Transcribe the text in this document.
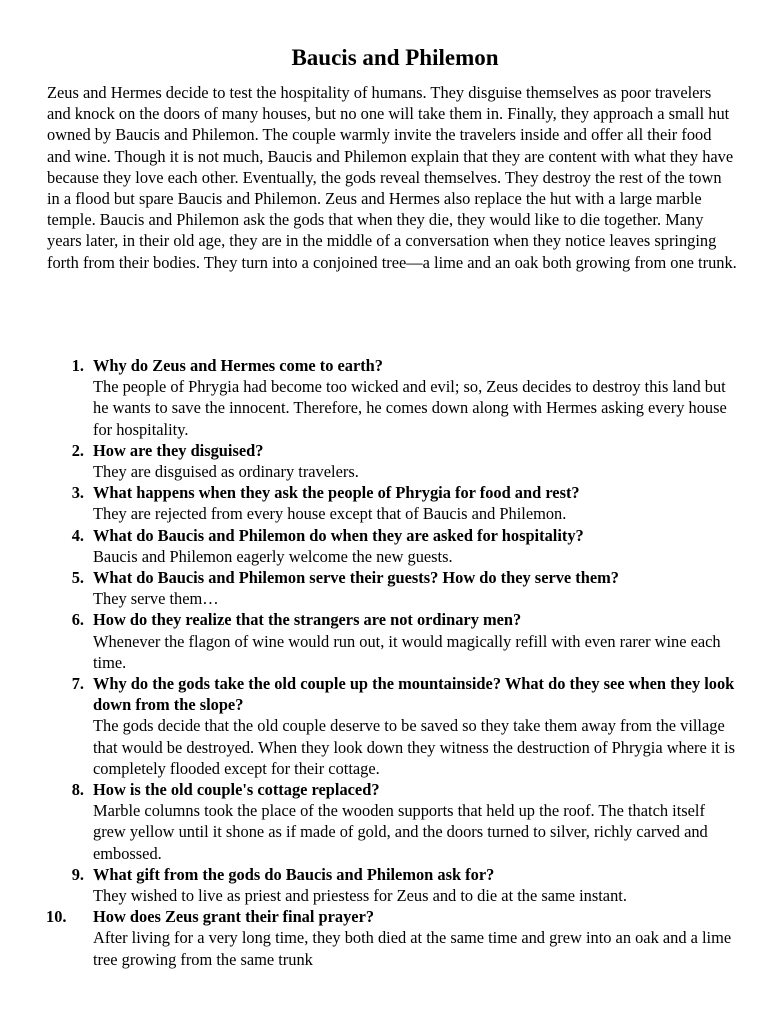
Baucis and Philemon
Zeus and Hermes decide to test the hospitality of humans. They disguise themselves as poor travelers and knock on the doors of many houses, but no one will take them in. Finally, they approach a small hut owned by Baucis and Philemon. The couple warmly invite the travelers inside and offer all their food and wine. Though it is not much, Baucis and Philemon explain that they are content with what they have because they love each other. Eventually, the gods reveal themselves. They destroy the rest of the town in a flood but spare Baucis and Philemon. Zeus and Hermes also replace the hut with a large marble temple. Baucis and Philemon ask the gods that when they die, they would like to die together. Many years later, in their old age, they are in the middle of a conversation when they notice leaves springing forth from their bodies. They turn into a conjoined tree—a lime and an oak both growing from one trunk.
1. Why do Zeus and Hermes come to earth?
The people of Phrygia had become too wicked and evil; so, Zeus decides to destroy this land but he wants to save the innocent. Therefore, he comes down along with Hermes asking every house for hospitality.
2. How are they disguised?
They are disguised as ordinary travelers.
3. What happens when they ask the people of Phrygia for food and rest?
They are rejected from every house except that of Baucis and Philemon.
4. What do Baucis and Philemon do when they are asked for hospitality?
Baucis and Philemon eagerly welcome the new guests.
5. What do Baucis and Philemon serve their guests? How do they serve them?
They serve them…
6. How do they realize that the strangers are not ordinary men?
Whenever the flagon of wine would run out, it would magically refill with even rarer wine each time.
7. Why do the gods take the old couple up the mountainside? What do they see when they look down from the slope?
The gods decide that the old couple deserve to be saved so they take them away from the village that would be destroyed. When they look down they witness the destruction of Phrygia where it is completely flooded except for their cottage.
8. How is the old couple's cottage replaced?
Marble columns took the place of the wooden supports that held up the roof. The thatch itself grew yellow until it shone as if made of gold, and the doors turned to silver, richly carved and embossed.
9. What gift from the gods do Baucis and Philemon ask for?
They wished to live as priest and priestess for Zeus and to die at the same instant.
10.	How does Zeus grant their final prayer?
After living for a very long time, they both died at the same time and grew into an oak and a lime tree growing from the same trunk
